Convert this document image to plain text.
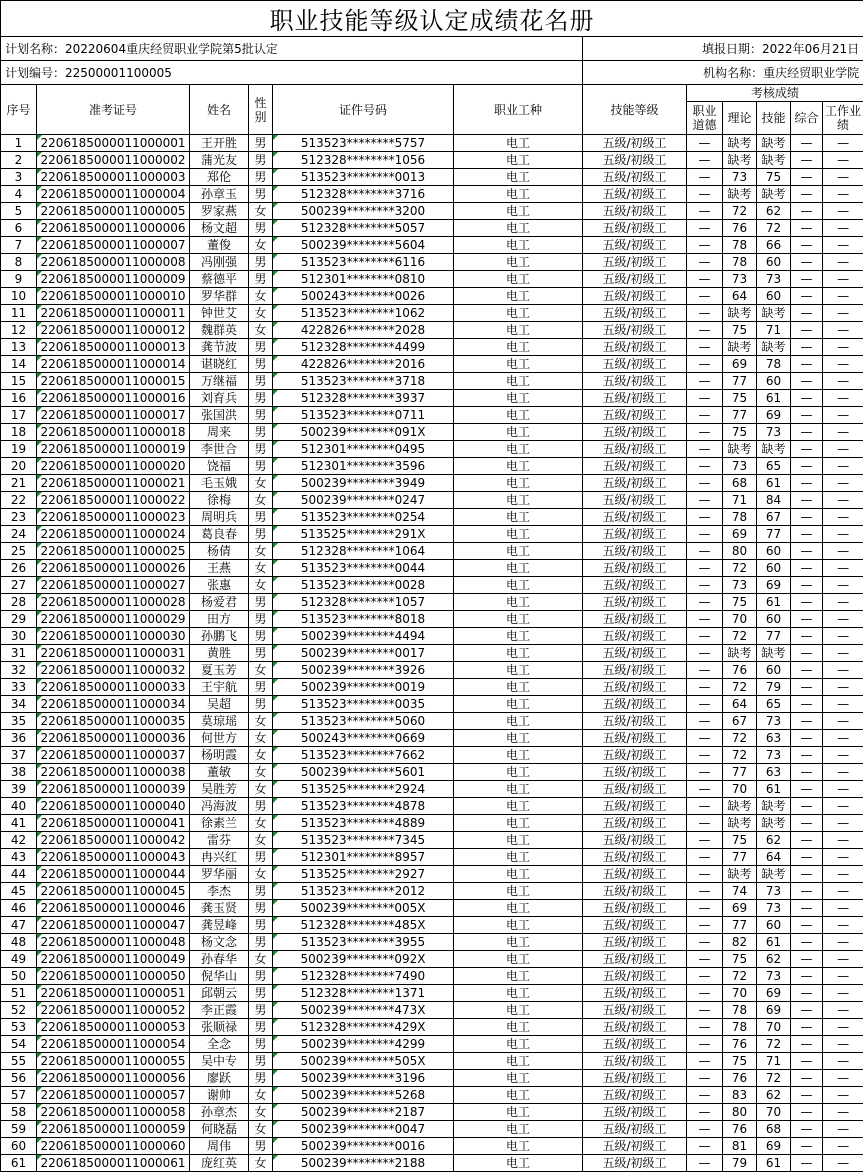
职业技能等级认定成绩花名册											
计划名称：20220604重庆经贸职业学院第5批认定						填报日期：2022年06月21日					
计划编号：22500001100005						机构名称：重庆经贸职业学院					
序号	准考证号	姓名	性别	证件号码	职业工种	技能等级	考核成绩				
							职业道德	理论	技能	综合	工作业绩
1	2206185000011000001	王开胜	男	513523********5757	电工	五级/初级工	—	缺考	缺考	—	—
2	2206185000011000002	蒲光友	男	512328********1056	电工	五级/初级工	—	缺考	缺考	—	—
3	2206185000011000003	郑伦	男	513523********0013	电工	五级/初级工	—	73	75	—	—
4	2206185000011000004	孙章玉	男	512328********3716	电工	五级/初级工	—	缺考	缺考	—	—
5	2206185000011000005	罗家燕	女	500239********3200	电工	五级/初级工	—	72	62	—	—
6	2206185000011000006	杨文超	男	512328********5057	电工	五级/初级工	—	76	72	—	—
7	2206185000011000007	董俊	女	500239********5604	电工	五级/初级工	—	78	66	—	—
8	2206185000011000008	冯刚强	男	513523********6116	电工	五级/初级工	—	78	60	—	—
9	2206185000011000009	蔡德平	男	512301********0810	电工	五级/初级工	—	73	73	—	—
10	2206185000011000010	罗华群	女	500243********0026	电工	五级/初级工	—	64	60	—	—
11	2206185000011000011	钟世艾	女	513523********1062	电工	五级/初级工	—	缺考	缺考	—	—
12	2206185000011000012	魏群英	女	422826********2028	电工	五级/初级工	—	75	71	—	—
13	2206185000011000013	龚节波	男	512328********4499	电工	五级/初级工	—	缺考	缺考	—	—
14	2206185000011000014	谌晓红	男	422826********2016	电工	五级/初级工	—	69	78	—	—
15	2206185000011000015	万继福	男	513523********3718	电工	五级/初级工	—	77	60	—	—
16	2206185000011000016	刘育兵	男	512328********3937	电工	五级/初级工	—	75	61	—	—
17	2206185000011000017	张国洪	男	513523********0711	电工	五级/初级工	—	77	69	—	—
18	2206185000011000018	周来	男	500239********091X	电工	五级/初级工	—	75	73	—	—
19	2206185000011000019	李世合	男	512301********0495	电工	五级/初级工	—	缺考	缺考	—	—
20	2206185000011000020	饶福	男	512301********3596	电工	五级/初级工	—	73	65	—	—
21	2206185000011000021	毛玉娥	女	500239********3949	电工	五级/初级工	—	68	61	—	—
22	2206185000011000022	徐梅	女	500239********0247	电工	五级/初级工	—	71	84	—	—
23	2206185000011000023	周明兵	男	513523********0254	电工	五级/初级工	—	78	67	—	—
24	2206185000011000024	葛良春	男	513525********291X	电工	五级/初级工	—	69	77	—	—
25	2206185000011000025	杨倩	女	512328********1064	电工	五级/初级工	—	80	60	—	—
26	2206185000011000026	王燕	女	513523********0044	电工	五级/初级工	—	72	60	—	—
27	2206185000011000027	张惠	女	513523********0028	电工	五级/初级工	—	73	69	—	—
28	2206185000011000028	杨爱君	男	512328********1057	电工	五级/初级工	—	75	61	—	—
29	2206185000011000029	田方	男	513523********8018	电工	五级/初级工	—	70	60	—	—
30	2206185000011000030	孙鹏飞	男	500239********4494	电工	五级/初级工	—	72	77	—	—
31	2206185000011000031	黄胜	男	500239********0017	电工	五级/初级工	—	缺考	缺考	—	—
32	2206185000011000032	夏玉芳	女	500239********3926	电工	五级/初级工	—	76	60	—	—
33	2206185000011000033	王宇航	男	500239********0019	电工	五级/初级工	—	72	79	—	—
34	2206185000011000034	吴超	男	513523********0035	电工	五级/初级工	—	64	65	—	—
35	2206185000011000035	莫琼瑶	女	513523********5060	电工	五级/初级工	—	67	73	—	—
36	2206185000011000036	何世方	女	500243********0669	电工	五级/初级工	—	72	63	—	—
37	2206185000011000037	杨明霞	女	513523********7662	电工	五级/初级工	—	72	73	—	—
38	2206185000011000038	董敏	女	500239********5601	电工	五级/初级工	—	77	63	—	—
39	2206185000011000039	吴胜芳	女	513525********2924	电工	五级/初级工	—	70	61	—	—
40	2206185000011000040	冯海波	男	513523********4878	电工	五级/初级工	—	缺考	缺考	—	—
41	2206185000011000041	徐素兰	女	513523********4889	电工	五级/初级工	—	缺考	缺考	—	—
42	2206185000011000042	雷芬	女	513523********7345	电工	五级/初级工	—	75	62	—	—
43	2206185000011000043	冉兴红	男	512301********8957	电工	五级/初级工	—	77	64	—	—
44	2206185000011000044	罗华丽	女	513525********2927	电工	五级/初级工	—	缺考	缺考	—	—
45	2206185000011000045	李杰	男	513523********2012	电工	五级/初级工	—	74	73	—	—
46	2206185000011000046	龚玉贤	男	500239********005X	电工	五级/初级工	—	69	73	—	—
47	2206185000011000047	龚昱峰	男	512328********485X	电工	五级/初级工	—	77	60	—	—
48	2206185000011000048	杨文念	男	513523********3955	电工	五级/初级工	—	82	61	—	—
49	2206185000011000049	孙春华	女	500239********092X	电工	五级/初级工	—	75	62	—	—
50	2206185000011000050	倪华山	男	512328********7490	电工	五级/初级工	—	72	73	—	—
51	2206185000011000051	邱朝云	男	512328********1371	电工	五级/初级工	—	70	69	—	—
52	2206185000011000052	李正霞	男	500239********473X	电工	五级/初级工	—	78	69	—	—
53	2206185000011000053	张顺禄	男	512328********429X	电工	五级/初级工	—	78	70	—	—
54	2206185000011000054	全念	男	500239********4299	电工	五级/初级工	—	76	72	—	—
55	2206185000011000055	吴中专	男	500239********505X	电工	五级/初级工	—	75	71	—	—
56	2206185000011000056	廖跃	男	500239********3196	电工	五级/初级工	—	76	72	—	—
57	2206185000011000057	谢帅	女	500239********5268	电工	五级/初级工	—	83	62	—	—
58	2206185000011000058	孙章杰	女	500239********2187	电工	五级/初级工	—	80	70	—	—
59	2206185000011000059	何晓磊	女	500239********0047	电工	五级/初级工	—	76	68	—	—
60	2206185000011000060	周伟	男	500239********0016	电工	五级/初级工	—	81	69	—	—
61	2206185000011000061	庞红英	女	500239********2188	电工	五级/初级工	—	79	61	—	—
